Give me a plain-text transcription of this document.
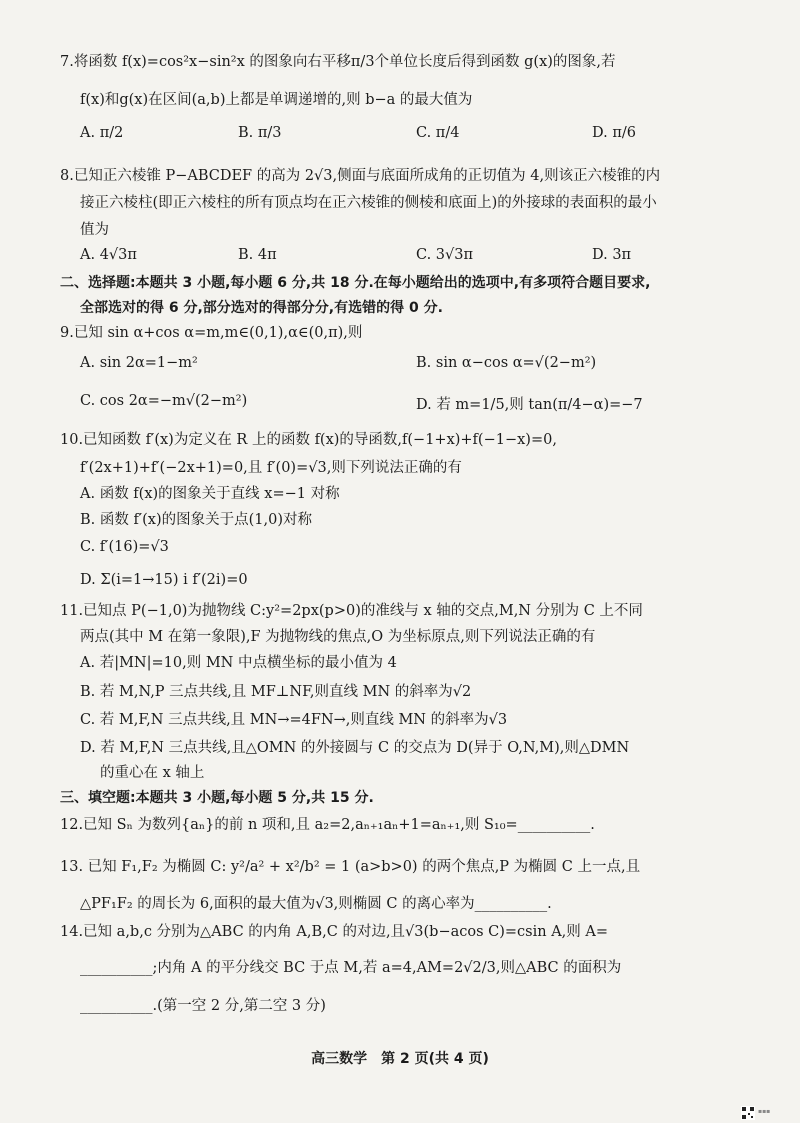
7.将函数 f(x)=cos²x−sin²x 的图象向右平移π/3个单位长度后得到函数 g(x)的图象,若
f(x)和g(x)在区间(a,b)上都是单调递增的,则 b−a 的最大值为
A. π/2	B. π/3	C. π/4	D. π/6
8.已知正六棱锥 P−ABCDEF 的高为 2√3,侧面与底面所成角的正切值为 4,则该正六棱锥的内
接正六棱柱(即正六棱柱的所有顶点均在正六棱锥的侧棱和底面上)的外接球的表面积的最小
值为
A. 4√3π	B. 4π	C. 3√3π	D. 3π
二、选择题:本题共 3 小题,每小题 6 分,共 18 分.在每小题给出的选项中,有多项符合题目要求,
全部选对的得 6 分,部分选对的得部分分,有选错的得 0 分.
9.已知 sin α+cos α=m,m∈(0,1),α∈(0,π),则
A. sin 2α=1−m²	B. sin α−cos α=√(2−m²)
C. cos 2α=−m√(2−m²)	D. 若 m=1/5,则 tan(π/4−α)=−7
10.已知函数 f′(x)为定义在 R 上的函数 f(x)的导函数,f(−1+x)+f(−1−x)=0,
f′(2x+1)+f′(−2x+1)=0,且 f′(0)=√3,则下列说法正确的有
A. 函数 f(x)的图象关于直线 x=−1 对称
B. 函数 f′(x)的图象关于点(1,0)对称
C. f′(16)=√3
D. Σ(i=1→15) i f′(2i)=0
11.已知点 P(−1,0)为抛物线 C:y²=2px(p>0)的准线与 x 轴的交点,M,N 分别为 C 上不同
两点(其中 M 在第一象限),F 为抛物线的焦点,O 为坐标原点,则下列说法正确的有
A. 若|MN|=10,则 MN 中点横坐标的最小值为 4
B. 若 M,N,P 三点共线,且 MF⊥NF,则直线 MN 的斜率为√2
C. 若 M,F,N 三点共线,且 MN→=4FN→,则直线 MN 的斜率为√3
D. 若 M,F,N 三点共线,且△OMN 的外接圆与 C 的交点为 D(异于 O,N,M),则△DMN
的重心在 x 轴上
三、填空题:本题共 3 小题,每小题 5 分,共 15 分.
12.已知 Sₙ 为数列{aₙ}的前 n 项和,且 a₂=2,aₙ₊₁aₙ+1=aₙ₊₁,则 S₁₀=__________.
13. 已知 F₁,F₂ 为椭圆 C: y²/a² + x²/b² = 1 (a>b>0) 的两个焦点,P 为椭圆 C 上一点,且
△PF₁F₂ 的周长为 6,面积的最大值为√3,则椭圆 C 的离心率为__________.
14.已知 a,b,c 分别为△ABC 的内角 A,B,C 的对边,且√3(b−acos C)=csin A,则 A=
__________;内角 A 的平分线交 BC 于点 M,若 a=4,AM=2√2/3,则△ABC 的面积为
__________.(第一空 2 分,第二空 3 分)
高三数学　第 2 页(共 4 页)
▪▪▪
